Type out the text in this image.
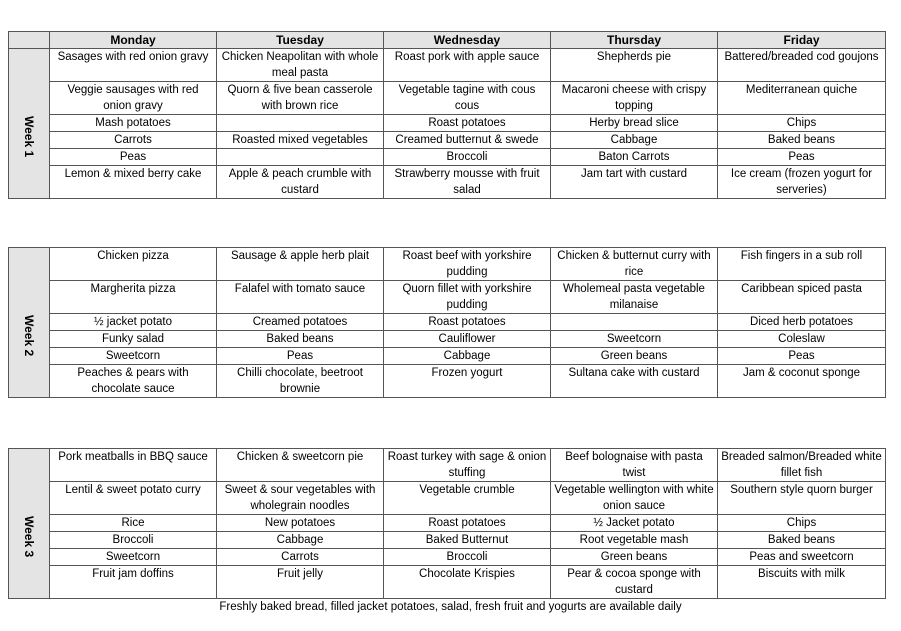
	Monday	Tuesday	Wednesday	Thursday	Friday

Week 1	Sasages with red onion gravy	Chicken Neapolitan with whole meal pasta	Roast pork with apple sauce	Shepherds pie	Battered/breaded cod goujons
	Veggie sausages with red onion gravy	Quorn & five bean casserole with brown rice	Vegetable tagine with cous cous	Macaroni cheese with crispy topping	Mediterranean quiche
	Mash potatoes		Roast potatoes	Herby bread slice	Chips
	Carrots	Roasted mixed vegetables	Creamed butternut & swede	Cabbage	Baked beans
	Peas		Broccoli	Baton Carrots	Peas
	Lemon & mixed berry cake	Apple & peach crumble with custard	Strawberry mousse with fruit salad	Jam tart with custard	Ice cream (frozen yogurt for serveries)
Week 2	Chicken pizza	Sausage & apple herb plait	Roast beef with yorkshire pudding	Chicken & butternut curry with rice	Fish fingers in a sub roll
	Margherita pizza	Falafel with tomato sauce	Quorn fillet with yorkshire pudding	Wholemeal pasta vegetable milanaise	Caribbean spiced pasta
	½ jacket potato	Creamed potatoes	Roast potatoes		Diced herb potatoes
	Funky salad	Baked beans	Cauliflower	Sweetcorn	Coleslaw
	Sweetcorn	Peas	Cabbage	Green beans	Peas
	Peaches & pears with chocolate sauce	Chilli chocolate, beetroot brownie	Frozen yogurt	Sultana cake with custard	Jam & coconut sponge
Week 3	Pork meatballs in BBQ sauce	Chicken & sweetcorn pie	Roast turkey with sage & onion stuffing	Beef bolognaise with pasta twist	Breaded salmon/Breaded white fillet fish
	Lentil & sweet potato curry	Sweet & sour vegetables with wholegrain noodles	Vegetable crumble	Vegetable wellington with white onion sauce	Southern style quorn burger
	Rice	New potatoes	Roast potatoes	½ Jacket potato	Chips
	Broccoli	Cabbage	Baked Butternut	Root vegetable mash	Baked beans
	Sweetcorn	Carrots	Broccoli	Green beans	Peas and sweetcorn
	Fruit jam doffins	Fruit jelly	Chocolate Krispies	Pear & cocoa sponge with custard	Biscuits with milk
Freshly baked bread, filled jacket potatoes, salad, fresh fruit and yogurts are available daily
